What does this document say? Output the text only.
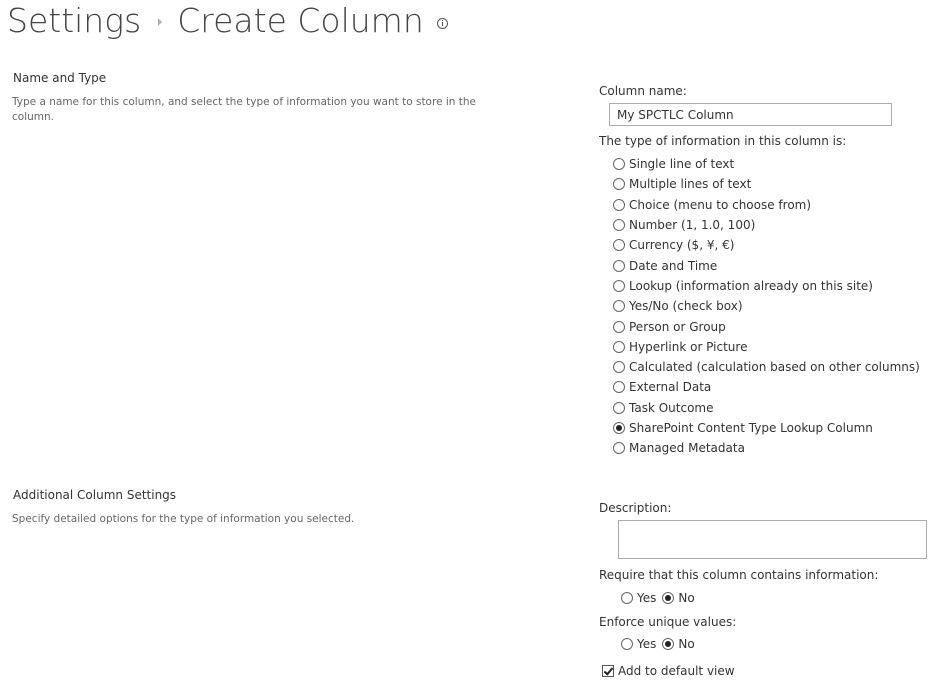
Settings Create Column
Name and Type
Type a name for this column, and select the type of information you want to store in the column.
Column name:
My SPCTLC Column
The type of information in this column is:
Single line of text
Multiple lines of text
Choice (menu to choose from)
Number (1, 1.0, 100)
Currency ($, ¥, €)
Date and Time
Lookup (information already on this site)
Yes/No (check box)
Person or Group
Hyperlink or Picture
Calculated (calculation based on other columns)
External Data
Task Outcome
SharePoint Content Type Lookup Column
Managed Metadata
Additional Column Settings
Specify detailed options for the type of information you selected.
Description:
Require that this column contains information:
Yes No
Enforce unique values:
Yes No
Add to default view
